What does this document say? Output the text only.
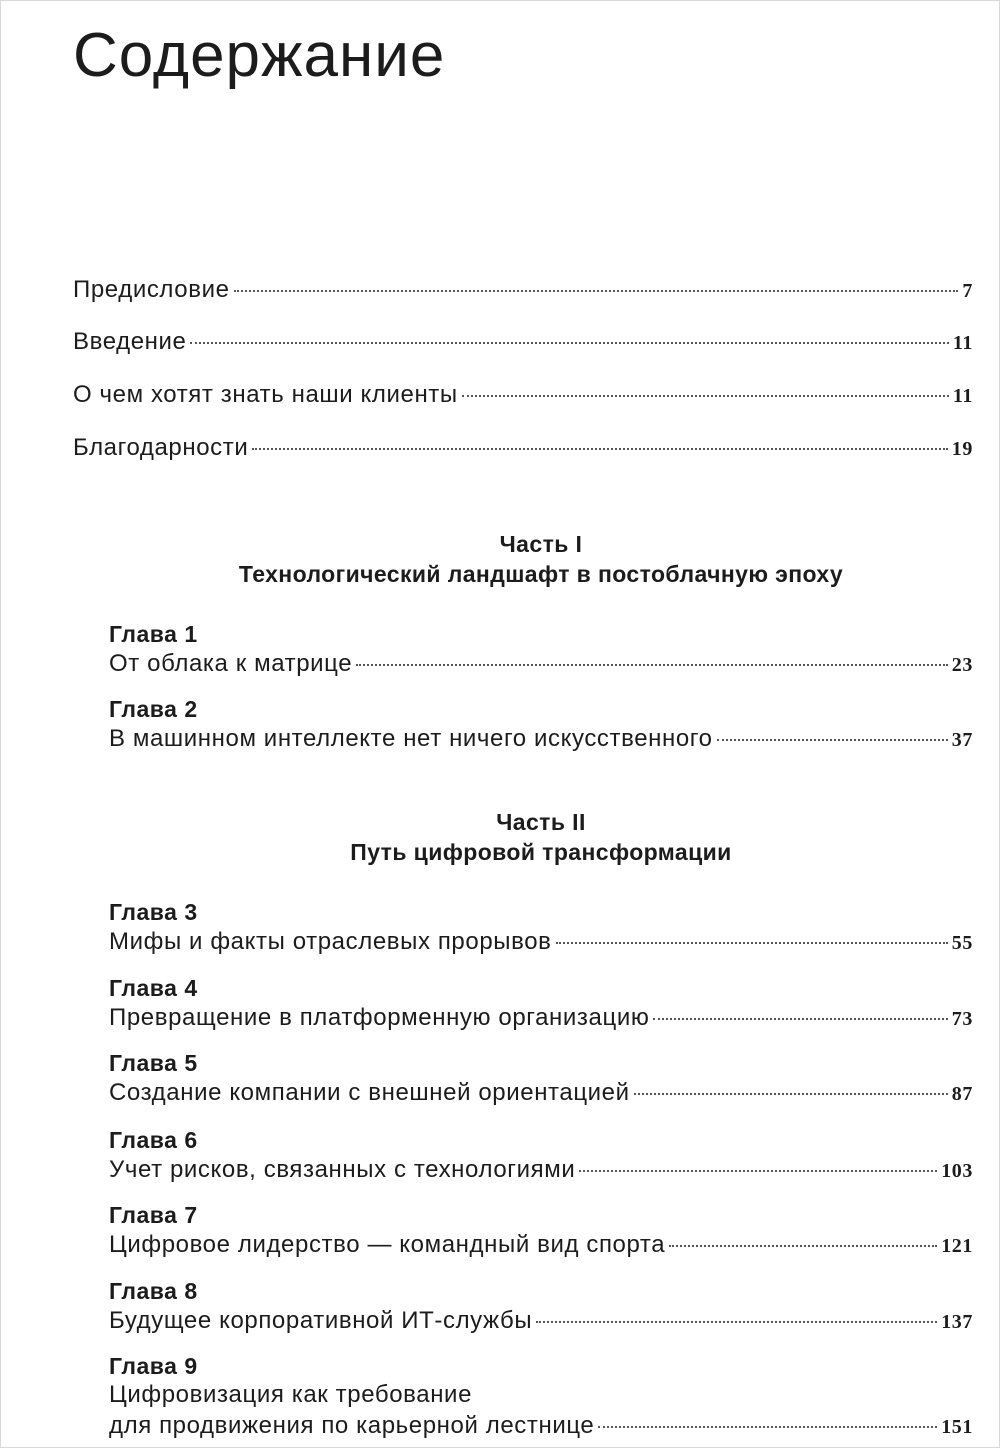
Содержание
Предисловие	7
Введение	11
О чем хотят знать наши клиенты	11
Благодарности	19
Часть I
Технологический ландшафт в постоблачную эпоху
Глава 1
От облака к матрице	23
Глава 2
В машинном интеллекте нет ничего искусственного	37
Часть II
Путь цифровой трансформации
Глава 3
Мифы и факты отраслевых прорывов	55
Глава 4
Превращение в платформенную организацию	73
Глава 5
Создание компании с внешней ориентацией	87
Глава 6
Учет рисков, связанных с технологиями	103
Глава 7
Цифровое лидерство — командный вид спорта	121
Глава 8
Будущее корпоративной ИТ-службы	137
Глава 9
Цифровизация как требование
для продвижения по карьерной лестнице	151
